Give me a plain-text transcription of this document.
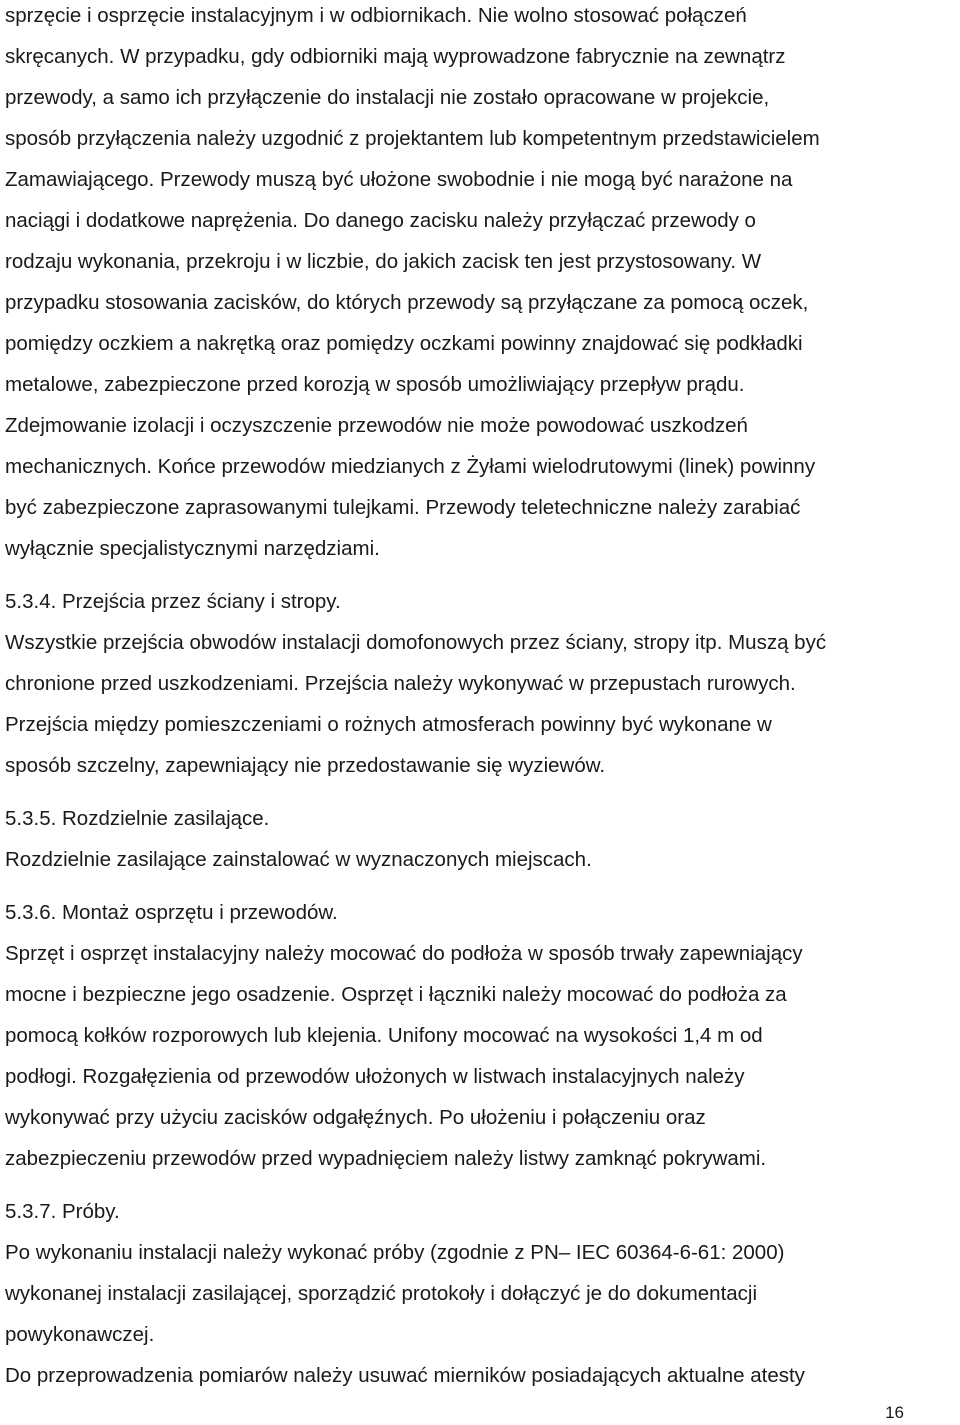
sprzęcie i osprzęcie instalacyjnym i w odbiornikach. Nie wolno stosować połączeń
skręcanych. W przypadku, gdy odbiorniki mają wyprowadzone fabrycznie na zewnątrz
przewody, a samo ich przyłączenie do instalacji nie zostało opracowane w projekcie,
sposób przyłączenia należy uzgodnić z projektantem lub kompetentnym przedstawicielem
Zamawiającego. Przewody muszą być ułożone swobodnie i nie mogą być narażone na
naciągi i dodatkowe naprężenia. Do danego zacisku należy przyłączać przewody o
rodzaju wykonania, przekroju i w liczbie, do jakich zacisk ten jest przystosowany. W
przypadku stosowania zacisków, do których przewody są przyłączane za pomocą oczek,
pomiędzy oczkiem a nakrętką oraz pomiędzy oczkami powinny znajdować się podkładki
metalowe, zabezpieczone przed korozją w sposób umożliwiający przepływ prądu.
Zdejmowanie izolacji i oczyszczenie przewodów nie może powodować uszkodzeń
mechanicznych. Końce przewodów miedzianych z Żyłami wielodrutowymi (linek) powinny
być zabezpieczone zaprasowanymi tulejkami. Przewody teletechniczne należy zarabiać
wyłącznie specjalistycznymi narzędziami.
5.3.4. Przejścia przez ściany i stropy.
Wszystkie przejścia obwodów instalacji domofonowych przez ściany, stropy itp. Muszą być
chronione przed uszkodzeniami. Przejścia należy wykonywać w przepustach rurowych.
Przejścia między pomieszczeniami o rożnych atmosferach powinny być wykonane w
sposób szczelny, zapewniający nie przedostawanie się wyziewów.
5.3.5. Rozdzielnie zasilające.
Rozdzielnie zasilające zainstalować w wyznaczonych miejscach.
5.3.6. Montaż osprzętu i przewodów.
Sprzęt i osprzęt instalacyjny należy mocować do podłoża w sposób trwały zapewniający
mocne i bezpieczne jego osadzenie. Osprzęt i łączniki należy mocować do podłoża za
pomocą kołków rozporowych lub klejenia. Unifony mocować na wysokości 1,4 m od
podłogi. Rozgałęzienia od przewodów ułożonych w listwach instalacyjnych należy
wykonywać przy użyciu zacisków odgałęźnych. Po ułożeniu i połączeniu oraz
zabezpieczeniu przewodów przed wypadnięciem należy listwy zamknąć pokrywami.
5.3.7. Próby.
Po wykonaniu instalacji należy wykonać próby (zgodnie z PN– IEC 60364-6-61: 2000)
wykonanej instalacji zasilającej, sporządzić protokoły i dołączyć je do dokumentacji
powykonawczej.
Do przeprowadzenia pomiarów należy usuwać mierników posiadających aktualne atesty
16
